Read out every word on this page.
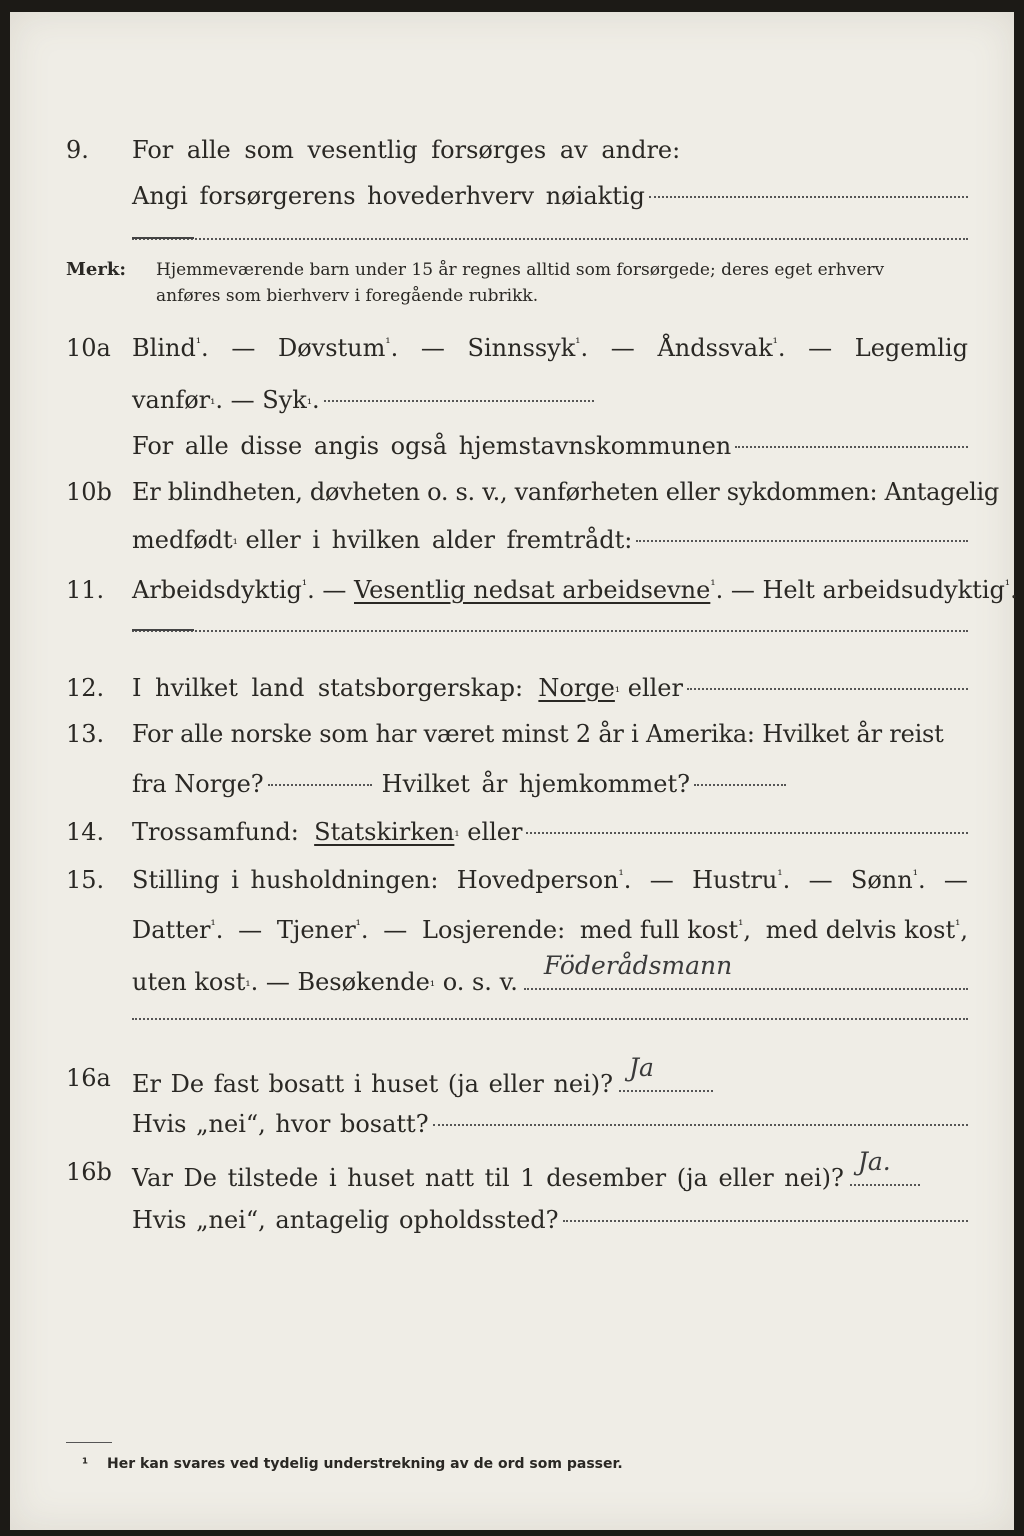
9. For alle som vesentlig forsørges av andre:
Angi forsørgerens hovederhverv nøiaktig
Merk: Hjemmeværende barn under 15 år regnes alltid som forsørgede; deres eget erhverv
anføres som bierhverv i foregående rubrikk.
10a Blind$^{^1}$. — Døvstum$^{^1}$. — Sinnssyk$^{^1}$. — Åndssvak$^{^1}$. — Legemlig
vanfør ¹ . —
Syk ¹ .
For alle disse angis også hjemstavnskommunen
10b Er blindheten, døvheten o. s. v., vanførheten eller sykdommen: Antagelig
medfødt ¹
eller i hvilken alder fremtrådt:
11. Arbeidsdyktig$^{^1}$. — Vesentlig nedsat arbeidsevne$^{^1}$. — Helt arbeidsudyktig$^{^1}$.
12. I hvilket land statsborgerskap:
Norge ¹
eller
13. For alle norske som har været minst 2 år i Amerika: Hvilket år reist
fra Norge?	Hvilket år hjemkommet?
14. Trossamfund:
Statskirken ¹
eller
15. Stilling i husholdningen: Hovedperson$^{^1}$. — Hustru$^{^1}$. — Sønn$^{^1}$. —
Datter$^{^1}$. — Tjener$^{^1}$. — Losjerende: med full kost$^{^1}$, med delvis kost$^{^1}$,
uten kost ¹ . —
Besøkende ¹
o. s. v.
Föderådsmann
16a Er De fast bosatt i huset (ja eller nei)?
Ja
Hvis „nei“, hvor bosatt?
16b Var De tilstede i huset natt til 1 desember (ja eller nei)?
Ja.
Hvis „nei“, antagelig opholdssted?
¹ Her kan svares ved tydelig understrekning av de ord som passer.
